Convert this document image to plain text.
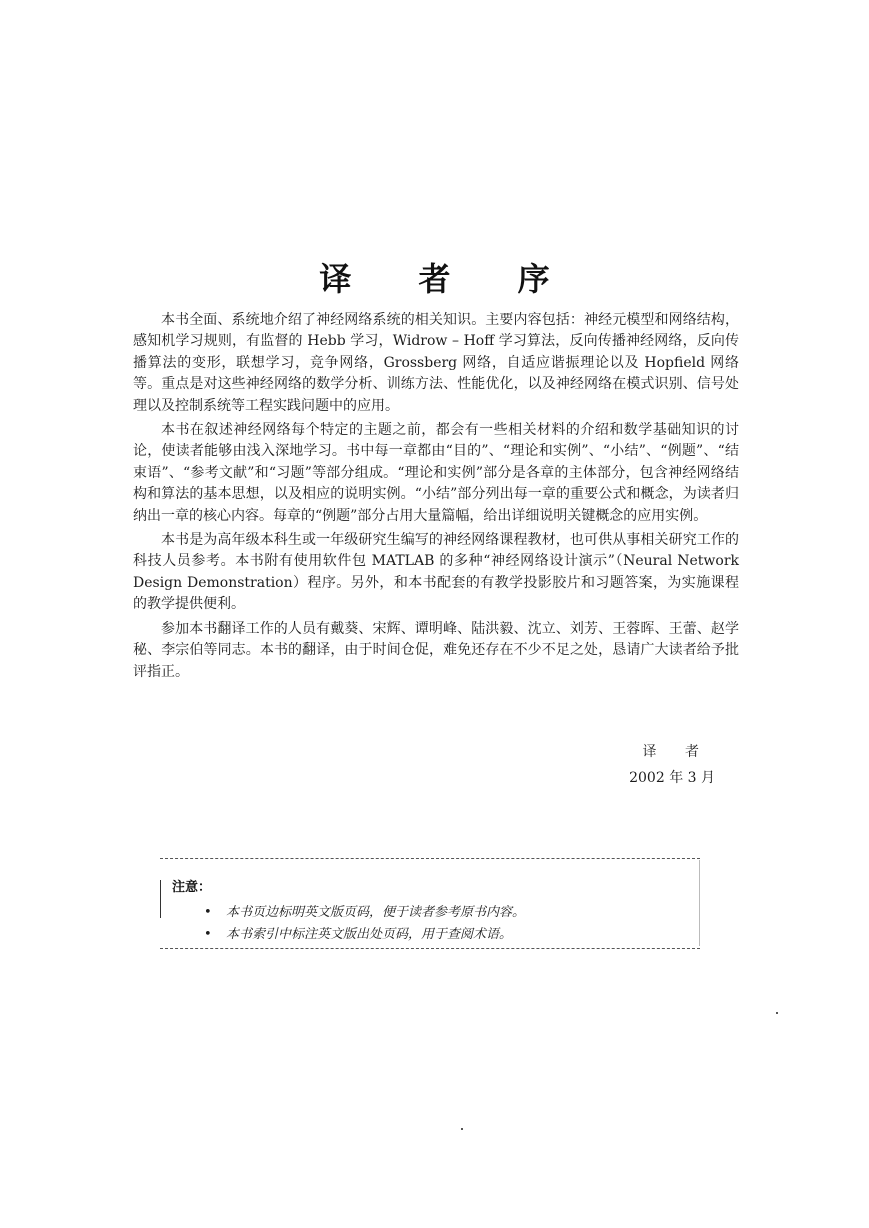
译 者 序

本书全面、系统地介绍了神经网络系统的相关知识。主要内容包括：神经元模型和网络结构，感知机学习规则，有监督的 Hebb 学习，Widrow – Hoff 学习算法，反向传播神经网络，反向传播算法的变形，联想学习，竞争网络，Grossberg 网络，自适应谐振理论以及 Hopfield 网络等。重点是对这些神经网络的数学分析、训练方法、性能优化，以及神经网络在模式识别、信号处理以及控制系统等工程实践问题中的应用。

本书在叙述神经网络每个特定的主题之前，都会有一些相关材料的介绍和数学基础知识的讨论，使读者能够由浅入深地学习。书中每一章都由“目的”、“理论和实例”、“小结”、“例题”、“结束语”、“参考文献”和“习题”等部分组成。“理论和实例”部分是各章的主体部分，包含神经网络结构和算法的基本思想，以及相应的说明实例。“小结”部分列出每一章的重要公式和概念，为读者归纳出一章的核心内容。每章的“例题”部分占用大量篇幅，给出详细说明关键概念的应用实例。

本书是为高年级本科生或一年级研究生编写的神经网络课程教材，也可供从事相关研究工作的科技人员参考。本书附有使用软件包 MATLAB 的多种“神经网络设计演示”（Neural Network Design Demonstration）程序。另外，和本书配套的有教学投影胶片和习题答案，为实施课程的教学提供便利。

参加本书翻译工作的人员有戴葵、宋辉、谭明峰、陆洪毅、沈立、刘芳、王蓉晖、王蕾、赵学秘、李宗伯等同志。本书的翻译，由于时间仓促，难免还存在不少不足之处，恳请广大读者给予批评指正。

译 者
2002 年 3 月
注意：
• 本书页边标明英文版页码，便于读者参考原书内容。
• 本书索引中标注英文版出处页码，用于查阅术语。
